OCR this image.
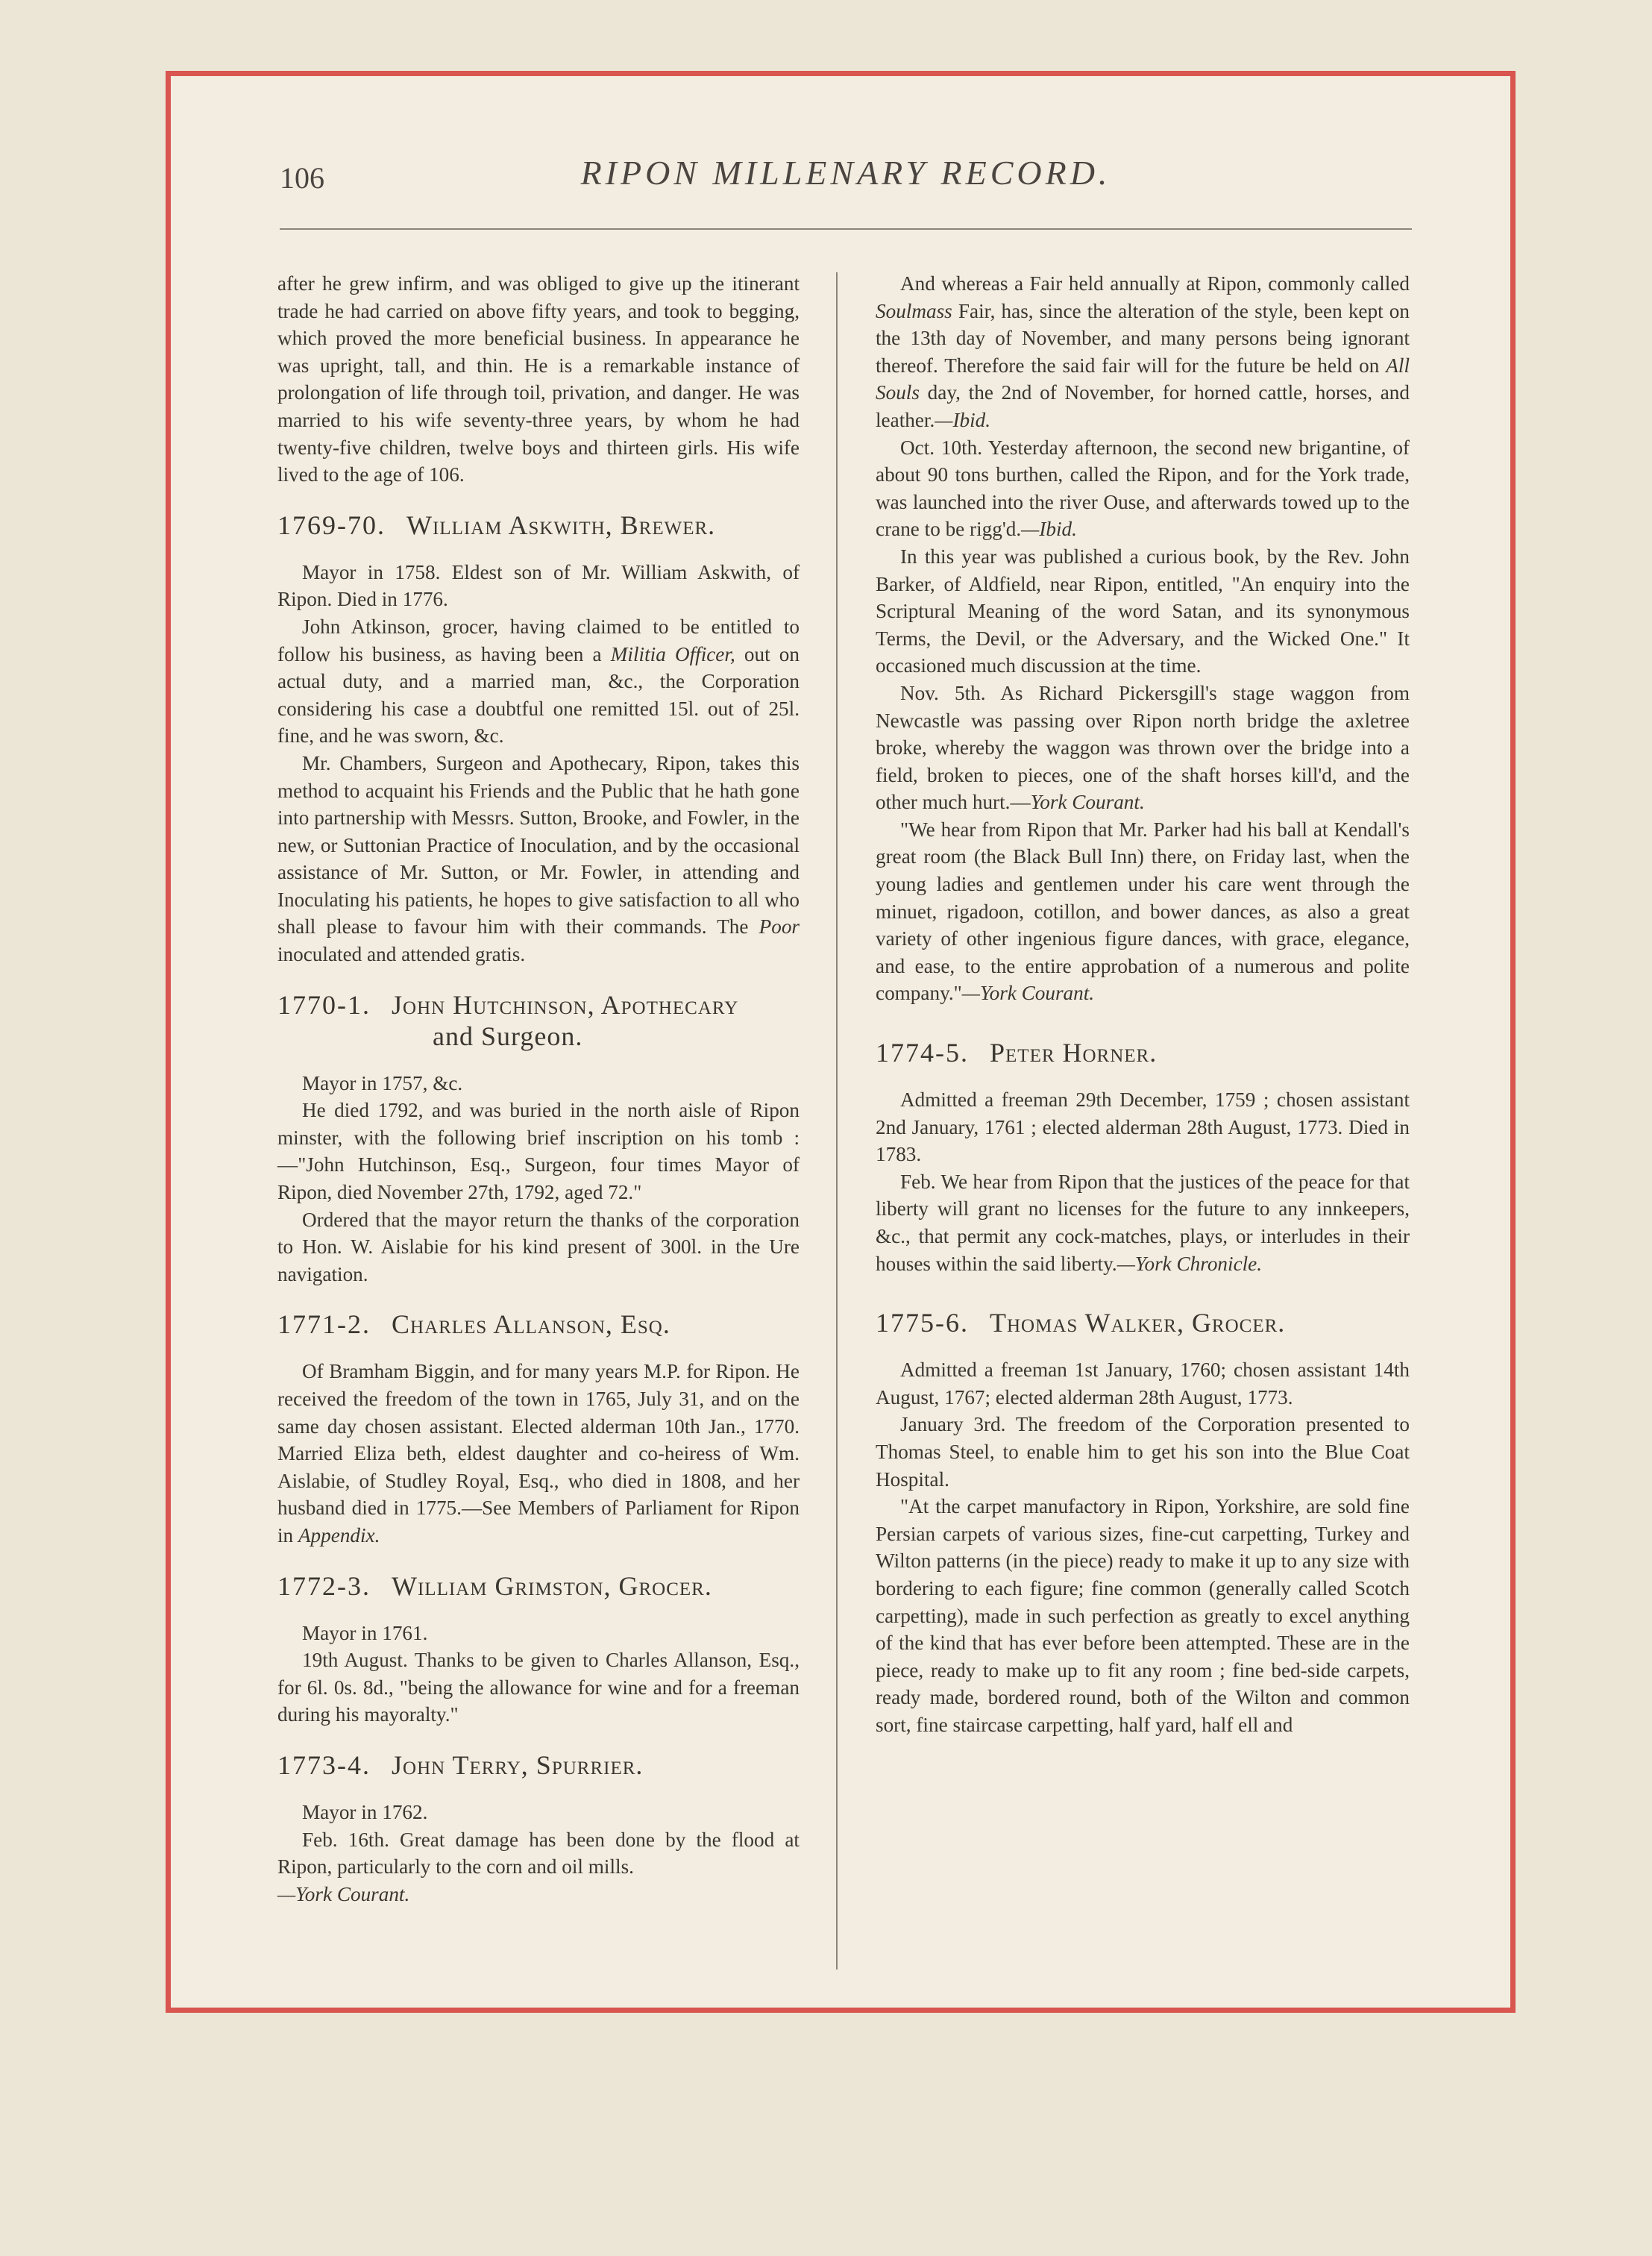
106	RIPON MILLENARY RECORD.

after he grew infirm, and was obliged to give up the itinerant trade he had carried on above fifty years, and took to begging, which proved the more beneficial business. In appearance he was upright, tall, and thin. He is a remarkable instance of prolongation of life through toil, privation, and danger. He was married to his wife seventy-three years, by whom he had twenty-five children, twelve boys and thirteen girls. His wife lived to the age of 106.

1769-70. William Askwith, Brewer.

Mayor in 1758. Eldest son of Mr. William Askwith, of Ripon. Died in 1776.

John Atkinson, grocer, having claimed to be entitled to follow his business, as having been a Militia Officer, out on actual duty, and a married man, &c., the Corporation considering his case a doubtful one remitted 15l. out of 25l. fine, and he was sworn, &c.

Mr. Chambers, Surgeon and Apothecary, Ripon, takes this method to acquaint his Friends and the Public that he hath gone into partnership with Messrs. Sutton, Brooke, and Fowler, in the new, or Suttonian Practice of Inoculation, and by the occasional assistance of Mr. Sutton, or Mr. Fowler, in attending and Inoculating his patients, he hopes to give satisfaction to all who shall please to favour him with their commands. The Poor inoculated and attended gratis.

1770-1. John Hutchinson, Apothecary
and Surgeon.

Mayor in 1757, &c.

He died 1792, and was buried in the north aisle of Ripon minster, with the following brief inscription on his tomb :—"John Hutchinson, Esq., Surgeon, four times Mayor of Ripon, died November 27th, 1792, aged 72."

Ordered that the mayor return the thanks of the corporation to Hon. W. Aislabie for his kind present of 300l. in the Ure navigation.

1771-2. Charles Allanson, Esq.

Of Bramham Biggin, and for many years M.P. for Ripon. He received the freedom of the town in 1765, July 31, and on the same day chosen assistant. Elected alderman 10th Jan., 1770. Married Eliza beth, eldest daughter and co-heiress of Wm. Aislabie, of Studley Royal, Esq., who died in 1808, and her husband died in 1775.—See Members of Parliament for Ripon in Appendix.

1772-3. William Grimston, Grocer.

Mayor in 1761.

19th August. Thanks to be given to Charles Allanson, Esq., for 6l. 0s. 8d., "being the allowance for wine and for a freeman during his mayoralty."

1773-4. John Terry, Spurrier.

Mayor in 1762.

Feb. 16th. Great damage has been done by the flood at Ripon, particularly to the corn and oil mills.
—York Courant.

And whereas a Fair held annually at Ripon, commonly called Soulmass Fair, has, since the alteration of the style, been kept on the 13th day of November, and many persons being ignorant thereof. Therefore the said fair will for the future be held on All Souls day, the 2nd of November, for horned cattle, horses, and leather.—Ibid.

Oct. 10th. Yesterday afternoon, the second new brigantine, of about 90 tons burthen, called the Ripon, and for the York trade, was launched into the river Ouse, and afterwards towed up to the crane to be rigg'd.—Ibid.

In this year was published a curious book, by the Rev. John Barker, of Aldfield, near Ripon, entitled, "An enquiry into the Scriptural Meaning of the word Satan, and its synonymous Terms, the Devil, or the Adversary, and the Wicked One." It occasioned much discussion at the time.

Nov. 5th. As Richard Pickersgill's stage waggon from Newcastle was passing over Ripon north bridge the axletree broke, whereby the waggon was thrown over the bridge into a field, broken to pieces, one of the shaft horses kill'd, and the other much hurt.—York Courant.

"We hear from Ripon that Mr. Parker had his ball at Kendall's great room (the Black Bull Inn) there, on Friday last, when the young ladies and gentlemen under his care went through the minuet, rigadoon, cotillon, and bower dances, as also a great variety of other ingenious figure dances, with grace, elegance, and ease, to the entire approbation of a numerous and polite company."—York Courant.

1774-5. Peter Horner.

Admitted a freeman 29th December, 1759 ; chosen assistant 2nd January, 1761 ; elected alderman 28th August, 1773. Died in 1783.

Feb. We hear from Ripon that the justices of the peace for that liberty will grant no licenses for the future to any innkeepers, &c., that permit any cock-matches, plays, or interludes in their houses within the said liberty.—York Chronicle.

1775-6. Thomas Walker, Grocer.

Admitted a freeman 1st January, 1760; chosen assistant 14th August, 1767; elected alderman 28th August, 1773.

January 3rd. The freedom of the Corporation presented to Thomas Steel, to enable him to get his son into the Blue Coat Hospital.

"At the carpet manufactory in Ripon, Yorkshire, are sold fine Persian carpets of various sizes, fine-cut carpetting, Turkey and Wilton patterns (in the piece) ready to make it up to any size with bordering to each figure; fine common (generally called Scotch carpetting), made in such perfection as greatly to excel anything of the kind that has ever before been attempted. These are in the piece, ready to make up to fit any room ; fine bed-side carpets, ready made, bordered round, both of the Wilton and common sort, fine staircase carpetting, half yard, half ell and
